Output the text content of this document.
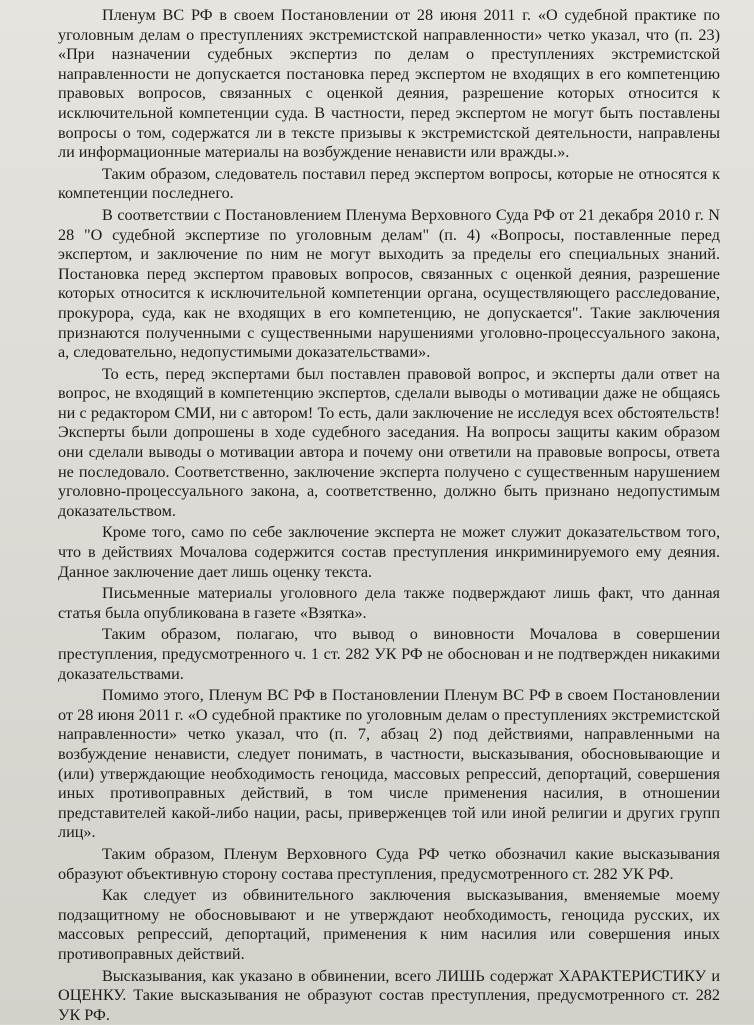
Пленум ВС РФ в своем Постановлении от 28 июня 2011 г. «О судебной практике по уголовным делам о преступлениях экстремистской направленности» четко указал, что (п. 23) «При назначении судебных экспертиз по делам о преступлениях экстремистской направленности не допускается постановка перед экспертом не входящих в его компетенцию правовых вопросов, связанных с оценкой деяния, разрешение которых относится к исключительной компетенции суда. В частности, перед экспертом не могут быть поставлены вопросы о том, содержатся ли в тексте призывы к экстремистской деятельности, направлены ли информационные материалы на возбуждение ненависти или вражды.».

Таким образом, следователь поставил перед экспертом вопросы, которые не относятся к компетенции последнего.

В соответствии с Постановлением Пленума Верховного Суда РФ от 21 декабря 2010 г. N 28 "О судебной экспертизе по уголовным делам" (п. 4) «Вопросы, поставленные перед экспертом, и заключение по ним не могут выходить за пределы его специальных знаний. Постановка перед экспертом правовых вопросов, связанных с оценкой деяния, разрешение которых относится к исключительной компетенции органа, осуществляющего расследование, прокурора, суда, как не входящих в его компетенцию, не допускается". Такие заключения признаются полученными с существенными нарушениями уголовно-процессуального закона, а, следовательно, недопустимыми доказательствами».

То есть, перед экспертами был поставлен правовой вопрос, и эксперты дали ответ на вопрос, не входящий в компетенцию экспертов, сделали выводы о мотивации даже не общаясь ни с редактором СМИ, ни с автором! То есть, дали заключение не исследуя всех обстоятельств! Эксперты были допрошены в ходе судебного заседания. На вопросы защиты каким образом они сделали выводы о мотивации автора и почему они ответили на правовые вопросы, ответа не последовало. Соответственно, заключение эксперта получено с существенным нарушением уголовно-процессуального закона, а, соответственно, должно быть признано недопустимым доказательством.

Кроме того, само по себе заключение эксперта не может служит доказательством того, что в действиях Мочалова содержится состав преступления инкриминируемого ему деяния. Данное заключение дает лишь оценку текста.

Письменные материалы уголовного дела также подверждают лишь факт, что данная статья была опубликована в газете «Взятка».

Таким образом, полагаю, что вывод о виновности Мочалова в совершении преступления, предусмотренного ч. 1 ст. 282 УК РФ не обоснован и не подтвержден никакими доказательствами.

Помимо этого, Пленум ВС РФ в Постановлении Пленум ВС РФ в своем Постановлении от 28 июня 2011 г. «О судебной практике по уголовным делам о преступлениях экстремистской направленности» четко указал, что (п. 7, абзац 2) под действиями, направленными на возбуждение ненависти, следует понимать, в частности, высказывания, обосновывающие и (или) утверждающие необходимость геноцида, массовых репрессий, депортаций, совершения иных противоправных действий, в том числе применения насилия, в отношении представителей какой-либо нации, расы, приверженцев той или иной религии и других групп лиц».

Таким образом, Пленум Верховного Суда РФ четко обозначил какие высказывания образуют объективную сторону состава преступления, предусмотренного ст. 282 УК РФ.

Как следует из обвинительного заключения высказывания, вменяемые моему подзащитному не обосновывают и не утверждают необходимость, геноцида русских, их массовых репрессий, депортаций, применения к ним насилия или совершения иных противоправных действий.

Высказывания, как указано в обвинении, всего ЛИШЬ содержат ХАРАКТЕРИСТИКУ и ОЦЕНКУ. Такие высказывания не образуют состав преступления, предусмотренного ст. 282 УК РФ.
